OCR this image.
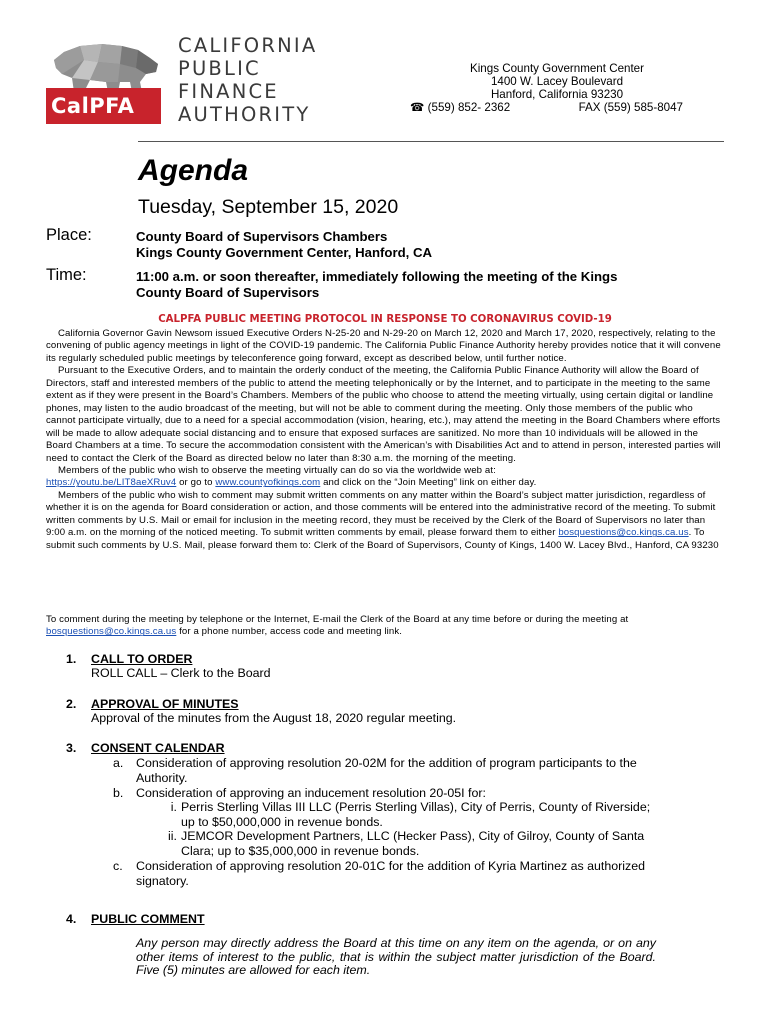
CalPFA
CALIFORNIA
PUBLIC
FINANCE
AUTHORITY
Kings County Government Center
1400 W. Lacey Boulevard
Hanford, California 93230
☎ (559) 852- 2362	FAX (559) 585-8047
Agenda
Tuesday, September 15, 2020
Place:	County Board of Supervisors Chambers
Kings County Government Center, Hanford, CA
Time:	11:00 a.m. or soon thereafter, immediately following the meeting of the Kings
County Board of Supervisors
CALPFA PUBLIC MEETING PROTOCOL IN RESPONSE TO CORONAVIRUS COVID-19

California Governor Gavin Newsom issued Executive Orders N-25-20 and N-29-20 on March 12, 2020 and March 17, 2020, respectively, relating to the convening of public agency meetings in light of the COVID-19 pandemic. The California Public Finance Authority hereby provides notice that it will convene its regularly scheduled public meetings by teleconference going forward, except as described below, until further notice.

Pursuant to the Executive Orders, and to maintain the orderly conduct of the meeting, the California Public Finance Authority will allow the Board of Directors, staff and interested members of the public to attend the meeting telephonically or by the Internet, and to participate in the meeting to the same extent as if they were present in the Board’s Chambers. Members of the public who choose to attend the meeting virtually, using certain digital or landline phones, may listen to the audio broadcast of the meeting, but will not be able to comment during the meeting. Only those members of the public who cannot participate virtually, due to a need for a special accommodation (vision, hearing, etc.), may attend the meeting in the Board Chambers where efforts will be made to allow adequate social distancing and to ensure that exposed surfaces are sanitized. No more than 10 individuals will be allowed in the Board Chambers at a time. To secure the accommodation consistent with the American’s with Disabilities Act and to attend in person, interested parties will need to contact the Clerk of the Board as directed below no later than 8:30 a.m. the morning of the meeting.

Members of the public who wish to observe the meeting virtually can do so via the worldwide web at:

https://youtu.be/LIT8aeXRuv4 or go to www.countyofkings.com and click on the “Join Meeting” link on either day.

Members of the public who wish to comment may submit written comments on any matter within the Board’s subject matter jurisdiction, regardless of whether it is on the agenda for Board consideration or action, and those comments will be entered into the administrative record of the meeting. To submit written comments by U.S. Mail or email for inclusion in the meeting record, they must be received by the Clerk of the Board of Supervisors no later than 9:00 a.m. on the morning of the noticed meeting. To submit written comments by email, please forward them to either bosquestions@co.kings.ca.us. To submit such comments by U.S. Mail, please forward them to: Clerk of the Board of Supervisors, County of Kings, 1400 W. Lacey Blvd., Hanford, CA 93230

To comment during the meeting by telephone or the Internet, E-mail the Clerk of the Board at any time before or during the meeting at bosquestions@co.kings.ca.us for a phone number, access code and meeting link.
1. CALL TO ORDER
ROLL CALL – Clerk to the Board
2. APPROVAL OF MINUTES
Approval of the minutes from the August 18, 2020 regular meeting.
3. CONSENT CALENDAR
a. Consideration of approving resolution 20-02M for the addition of program participants to the
Authority.
b. Consideration of approving an inducement resolution 20-05I for:
i. Perris Sterling Villas III LLC (Perris Sterling Villas), City of Perris, County of Riverside;
up to $50,000,000 in revenue bonds.
ii. JEMCOR Development Partners, LLC (Hecker Pass), City of Gilroy, County of Santa
Clara; up to $35,000,000 in revenue bonds.
c. Consideration of approving resolution 20-01C for the addition of Kyria Martinez as authorized
signatory.
4. PUBLIC COMMENT
Any person may directly address the Board at this time on any item on the agenda, or on any other items of interest to the public, that is within the subject matter jurisdiction of the Board. Five (5) minutes are allowed for each item.
